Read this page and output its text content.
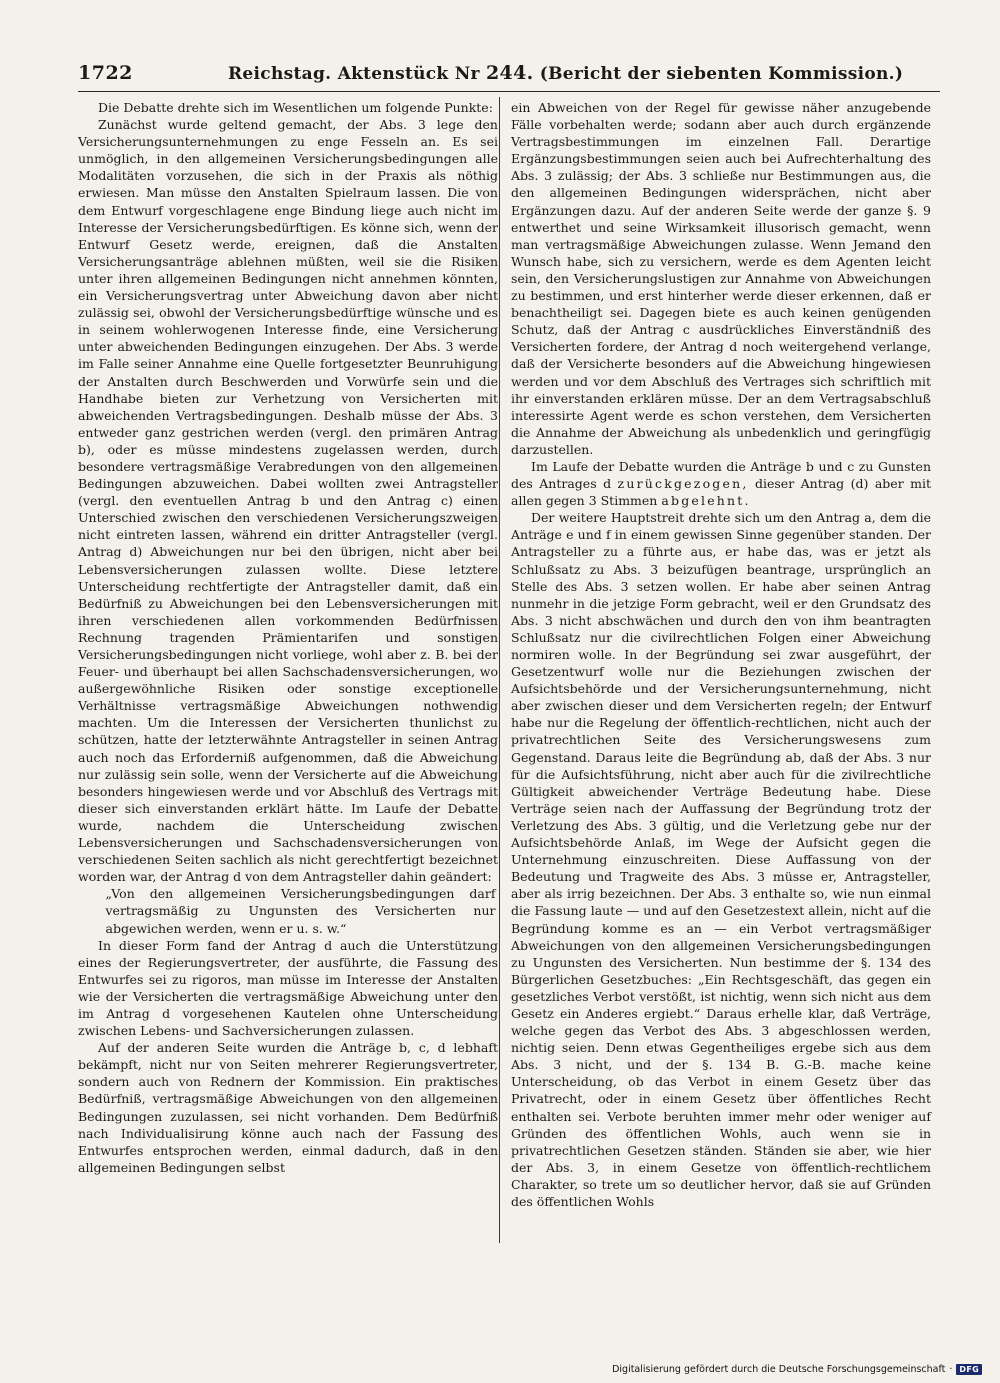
1722	Reichstag. Aktenstück Nr 244. (Bericht der siebenten Kommission.)

Die Debatte drehte sich im Wesentlichen um folgende Punkte:

Zunächst wurde geltend gemacht, der Abs. 3 lege den Versicherungsunternehmungen zu enge Fesseln an. Es sei unmöglich, in den allgemeinen Versicherungsbedingungen alle Modalitäten vorzusehen, die sich in der Praxis als nöthig erwiesen. Man müsse den Anstalten Spielraum lassen. Die von dem Entwurf vorgeschlagene enge Bindung liege auch nicht im Interesse der Versicherungsbedürftigen. Es könne sich, wenn der Entwurf Gesetz werde, ereignen, daß die Anstalten Versicherungsanträge ablehnen müßten, weil sie die Risiken unter ihren allgemeinen Bedingungen nicht annehmen könnten, ein Versicherungsvertrag unter Abweichung davon aber nicht zulässig sei, obwohl der Versicherungsbedürftige wünsche und es in seinem wohlerwogenen Interesse finde, eine Versicherung unter abweichenden Bedingungen einzugehen. Der Abs. 3 werde im Falle seiner Annahme eine Quelle fortgesetzter Beunruhigung der Anstalten durch Beschwerden und Vorwürfe sein und die Handhabe bieten zur Verhetzung von Versicherten mit abweichenden Vertragsbedingungen. Deshalb müsse der Abs. 3 entweder ganz gestrichen werden (vergl. den primären Antrag b), oder es müsse mindestens zugelassen werden, durch besondere vertragsmäßige Verabredungen von den allgemeinen Bedingungen abzuweichen. Dabei wollten zwei Antragsteller (vergl. den eventuellen Antrag b und den Antrag c) einen Unterschied zwischen den verschiedenen Versicherungszweigen nicht eintreten lassen, während ein dritter Antragsteller (vergl. Antrag d) Abweichungen nur bei den übrigen, nicht aber bei Lebensversicherungen zulassen wollte. Diese letztere Unterscheidung rechtfertigte der Antragsteller damit, daß ein Bedürfniß zu Abweichungen bei den Lebensversicherungen mit ihren verschiedenen allen vorkommenden Bedürfnissen Rechnung tragenden Prämientarifen und sonstigen Versicherungsbedingungen nicht vorliege, wohl aber z. B. bei der Feuer- und überhaupt bei allen Sachschadensversicherungen, wo außergewöhnliche Risiken oder sonstige exceptionelle Verhältnisse vertragsmäßige Abweichungen nothwendig machten. Um die Interessen der Versicherten thunlichst zu schützen, hatte der letzterwähnte Antragsteller in seinen Antrag auch noch das Erforderniß aufgenommen, daß die Abweichung nur zulässig sein solle, wenn der Versicherte auf die Abweichung besonders hingewiesen werde und vor Abschluß des Vertrags mit dieser sich einverstanden erklärt hätte. Im Laufe der Debatte wurde, nachdem die Unterscheidung zwischen Lebensversicherungen und Sachschadensversicherungen von verschiedenen Seiten sachlich als nicht gerechtfertigt bezeichnet worden war, der Antrag d von dem Antragsteller dahin geändert:

„Von den allgemeinen Versicherungsbedingungen darf vertragsmäßig zu Ungunsten des Versicherten nur abgewichen werden, wenn er u. s. w.“

In dieser Form fand der Antrag d auch die Unterstützung eines der Regierungsvertreter, der ausführte, die Fassung des Entwurfes sei zu rigoros, man müsse im Interesse der Anstalten wie der Versicherten die vertragsmäßige Abweichung unter den im Antrag d vorgesehenen Kautelen ohne Unterscheidung zwischen Lebens- und Sachversicherungen zulassen.

Auf der anderen Seite wurden die Anträge b, c, d lebhaft bekämpft, nicht nur von Seiten mehrerer Regierungsvertreter, sondern auch von Rednern der Kommission. Ein praktisches Bedürfniß, vertragsmäßige Abweichungen von den allgemeinen Bedingungen zuzulassen, sei nicht vorhanden. Dem Bedürfniß nach Individualisirung könne auch nach der Fassung des Entwurfes entsprochen werden, einmal dadurch, daß in den allgemeinen Bedingungen selbst

ein Abweichen von der Regel für gewisse näher anzugebende Fälle vorbehalten werde; sodann aber auch durch ergänzende Vertragsbestimmungen im einzelnen Fall. Derartige Ergänzungsbestimmungen seien auch bei Aufrechterhaltung des Abs. 3 zulässig; der Abs. 3 schließe nur Bestimmungen aus, die den allgemeinen Bedingungen widersprächen, nicht aber Ergänzungen dazu. Auf der anderen Seite werde der ganze §. 9 entwerthet und seine Wirksamkeit illusorisch gemacht, wenn man vertragsmäßige Abweichungen zulasse. Wenn Jemand den Wunsch habe, sich zu versichern, werde es dem Agenten leicht sein, den Versicherungslustigen zur Annahme von Abweichungen zu bestimmen, und erst hinterher werde dieser erkennen, daß er benachtheiligt sei. Dagegen biete es auch keinen genügenden Schutz, daß der Antrag c ausdrückliches Einverständniß des Versicherten fordere, der Antrag d noch weitergehend verlange, daß der Versicherte besonders auf die Abweichung hingewiesen werden und vor dem Abschluß des Vertrages sich schriftlich mit ihr einverstanden erklären müsse. Der an dem Vertragsabschluß interessirte Agent werde es schon verstehen, dem Versicherten die Annahme der Abweichung als unbedenklich und geringfügig darzustellen.

Im Laufe der Debatte wurden die Anträge b und c zu Gunsten des Antrages d zurückgezogen, dieser Antrag (d) aber mit allen gegen 3 Stimmen abgelehnt.

Der weitere Hauptstreit drehte sich um den Antrag a, dem die Anträge e und f in einem gewissen Sinne gegenüber standen. Der Antragsteller zu a führte aus, er habe das, was er jetzt als Schlußsatz zu Abs. 3 beizufügen beantrage, ursprünglich an Stelle des Abs. 3 setzen wollen. Er habe aber seinen Antrag nunmehr in die jetzige Form gebracht, weil er den Grundsatz des Abs. 3 nicht abschwächen und durch den von ihm beantragten Schlußsatz nur die civilrechtlichen Folgen einer Abweichung normiren wolle. In der Begründung sei zwar ausgeführt, der Gesetzentwurf wolle nur die Beziehungen zwischen der Aufsichtsbehörde und der Versicherungsunternehmung, nicht aber zwischen dieser und dem Versicherten regeln; der Entwurf habe nur die Regelung der öffentlich-rechtlichen, nicht auch der privatrechtlichen Seite des Versicherungswesens zum Gegenstand. Daraus leite die Begründung ab, daß der Abs. 3 nur für die Aufsichtsführung, nicht aber auch für die zivilrechtliche Gültigkeit abweichender Verträge Bedeutung habe. Diese Verträge seien nach der Auffassung der Begründung trotz der Verletzung des Abs. 3 gültig, und die Verletzung gebe nur der Aufsichtsbehörde Anlaß, im Wege der Aufsicht gegen die Unternehmung einzuschreiten. Diese Auffassung von der Bedeutung und Tragweite des Abs. 3 müsse er, Antragsteller, aber als irrig bezeichnen. Der Abs. 3 enthalte so, wie nun einmal die Fassung laute — und auf den Gesetzestext allein, nicht auf die Begründung komme es an — ein Verbot vertragsmäßiger Abweichungen von den allgemeinen Versicherungsbedingungen zu Ungunsten des Versicherten. Nun bestimme der §. 134 des Bürgerlichen Gesetzbuches: „Ein Rechtsgeschäft, das gegen ein gesetzliches Verbot verstößt, ist nichtig, wenn sich nicht aus dem Gesetz ein Anderes ergiebt.“ Daraus erhelle klar, daß Verträge, welche gegen das Verbot des Abs. 3 abgeschlossen werden, nichtig seien. Denn etwas Gegentheiliges ergebe sich aus dem Abs. 3 nicht, und der §. 134 B. G.-B. mache keine Unterscheidung, ob das Verbot in einem Gesetz über das Privatrecht, oder in einem Gesetz über öffentliches Recht enthalten sei. Verbote beruhten immer mehr oder weniger auf Gründen des öffentlichen Wohls, auch wenn sie in privatrechtlichen Gesetzen ständen. Ständen sie aber, wie hier der Abs. 3, in einem Gesetze von öffentlich-rechtlichem Charakter, so trete um so deutlicher hervor, daß sie auf Gründen des öffentlichen Wohls

Digitalisierung gefördert durch die Deutsche Forschungsgemeinschaft · DFG
